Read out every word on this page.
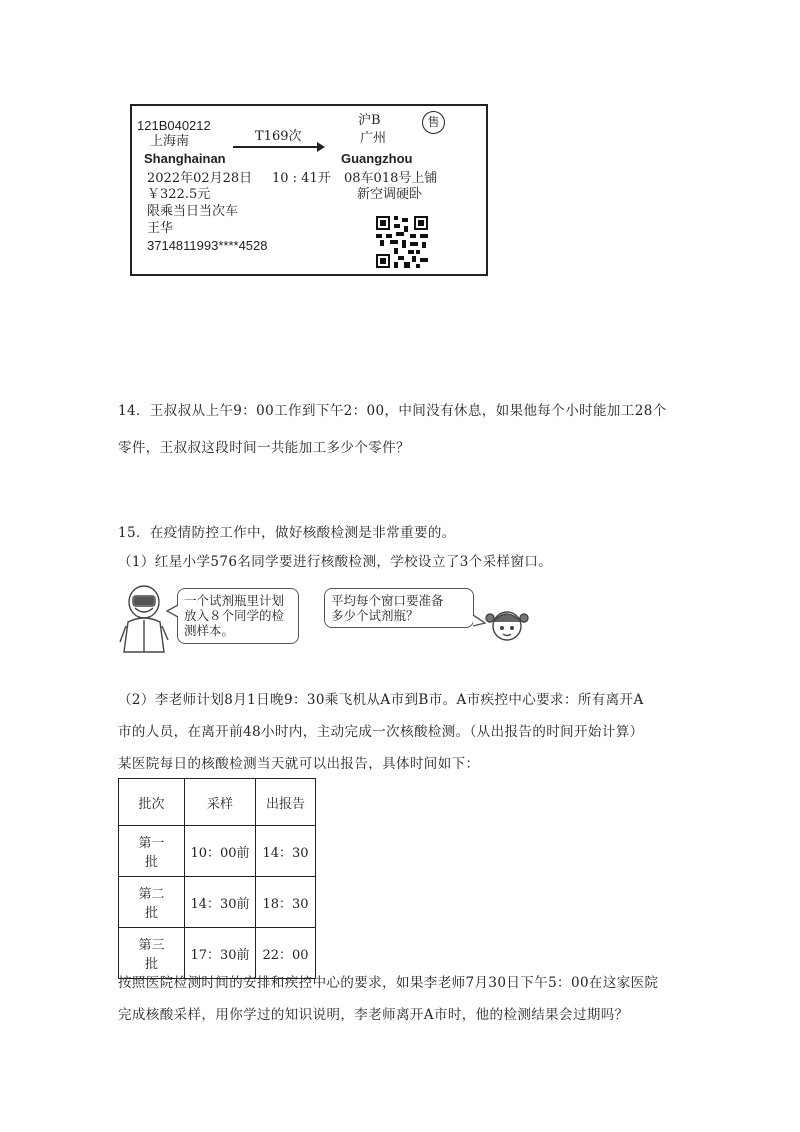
121B040212
上海南
Shanghainan
T169次
沪B
广州
Guangzhou
售
2022年02月28日 10 : 41开 08车018号上铺
￥322.5元	新空调硬卧
限乘当日当次车
王华
3714811993****4528
14．王叔叔从上午9：00工作到下午2：00，中间没有休息，如果他每个小时能加工28个
零件，王叔叔这段时间一共能加工多少个零件？
15．在疫情防控工作中，做好核酸检测是非常重要的。
（1）红星小学576名同学要进行核酸检测，学校设立了3个采样窗口。
一个试剂瓶里计划
放入８个同学的检
测样本。
平均每个窗口要准备
多少个试剂瓶？
（2）李老师计划8月1日晚9：30乘飞机从A市到B市。A市疾控中心要求：所有离开A
市的人员，在离开前48小时内，主动完成一次核酸检测。（从出报告的时间开始计算）
某医院每日的核酸检测当天就可以出报告，具体时间如下：
批次	采样	出报告

第一
批	10：00前	14：30

第二
批	14：30前	18：30

第三
批	17：30前	22：00
按照医院检测时间的安排和疾控中心的要求，如果李老师7月30日下午5：00在这家医院
完成核酸采样，用你学过的知识说明，李老师离开A市时，他的检测结果会过期吗？
